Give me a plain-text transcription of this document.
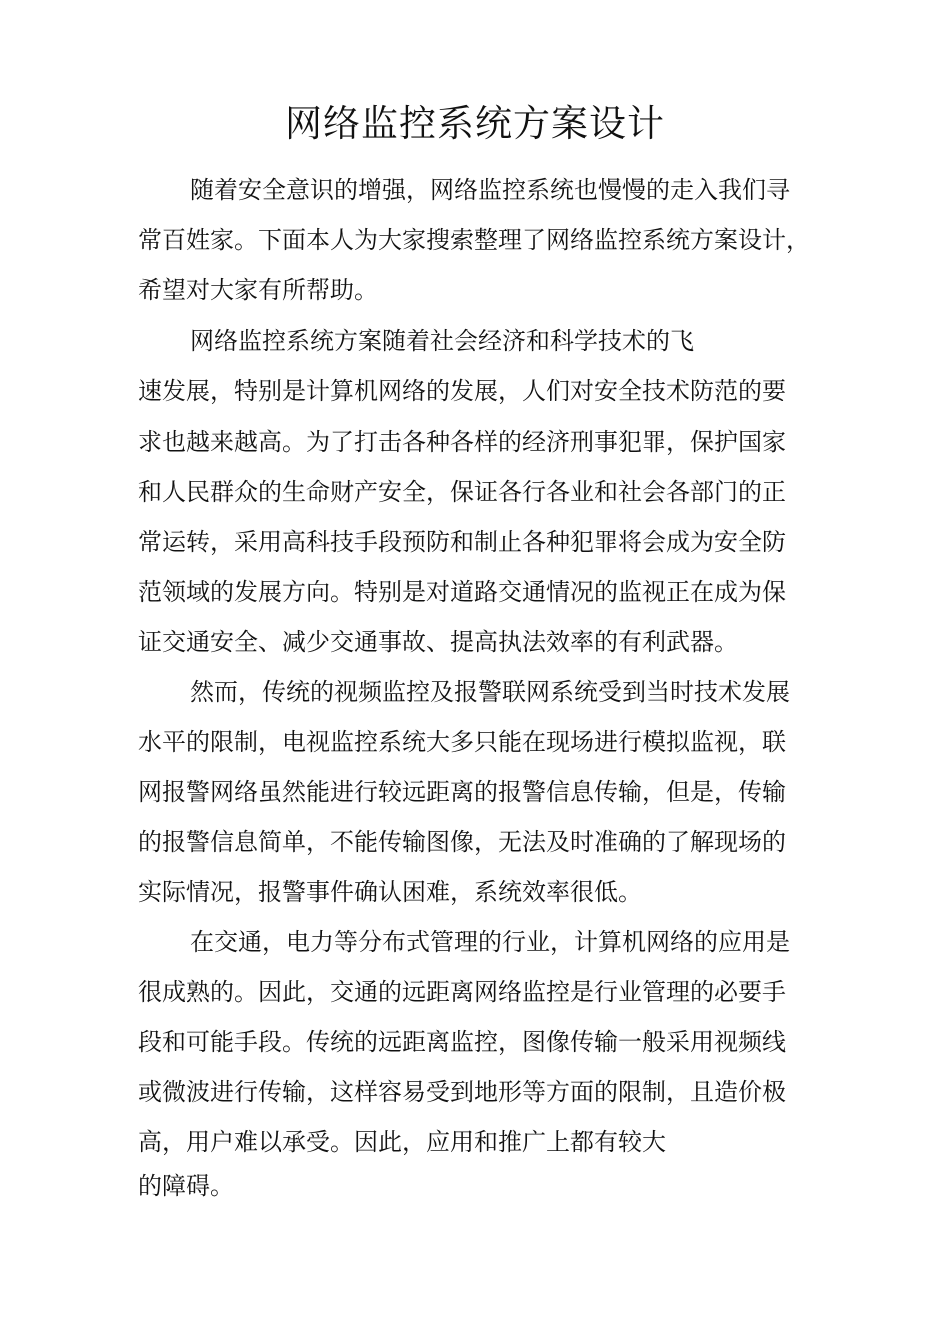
网络监控系统方案设计

随着安全意识的增强，网络监控系统也慢慢的走入我们寻

常百姓家。下面本人为大家搜索整理了网络监控系统方案设计，

希望对大家有所帮助。

网络监控系统方案随着社会经济和科学技术的飞

速发展，特别是计算机网络的发展，人们对安全技术防范的要

求也越来越高。为了打击各种各样的经济刑事犯罪，保护国家

和人民群众的生命财产安全，保证各行各业和社会各部门的正

常运转，采用高科技手段预防和制止各种犯罪将会成为安全防

范领域的发展方向。特别是对道路交通情况的监视正在成为保

证交通安全、减少交通事故、提高执法效率的有利武器。

然而，传统的视频监控及报警联网系统受到当时技术发展

水平的限制，电视监控系统大多只能在现场进行模拟监视，联

网报警网络虽然能进行较远距离的报警信息传输，但是，传输

的报警信息简单，不能传输图像，无法及时准确的了解现场的

实际情况，报警事件确认困难，系统效率很低。

在交通，电力等分布式管理的行业，计算机网络的应用是

很成熟的。因此，交通的远距离网络监控是行业管理的必要手

段和可能手段。传统的远距离监控，图像传输一般采用视频线

或微波进行传输，这样容易受到地形等方面的限制，且造价极

高，用户难以承受。因此，应用和推广上都有较大

的障碍。
